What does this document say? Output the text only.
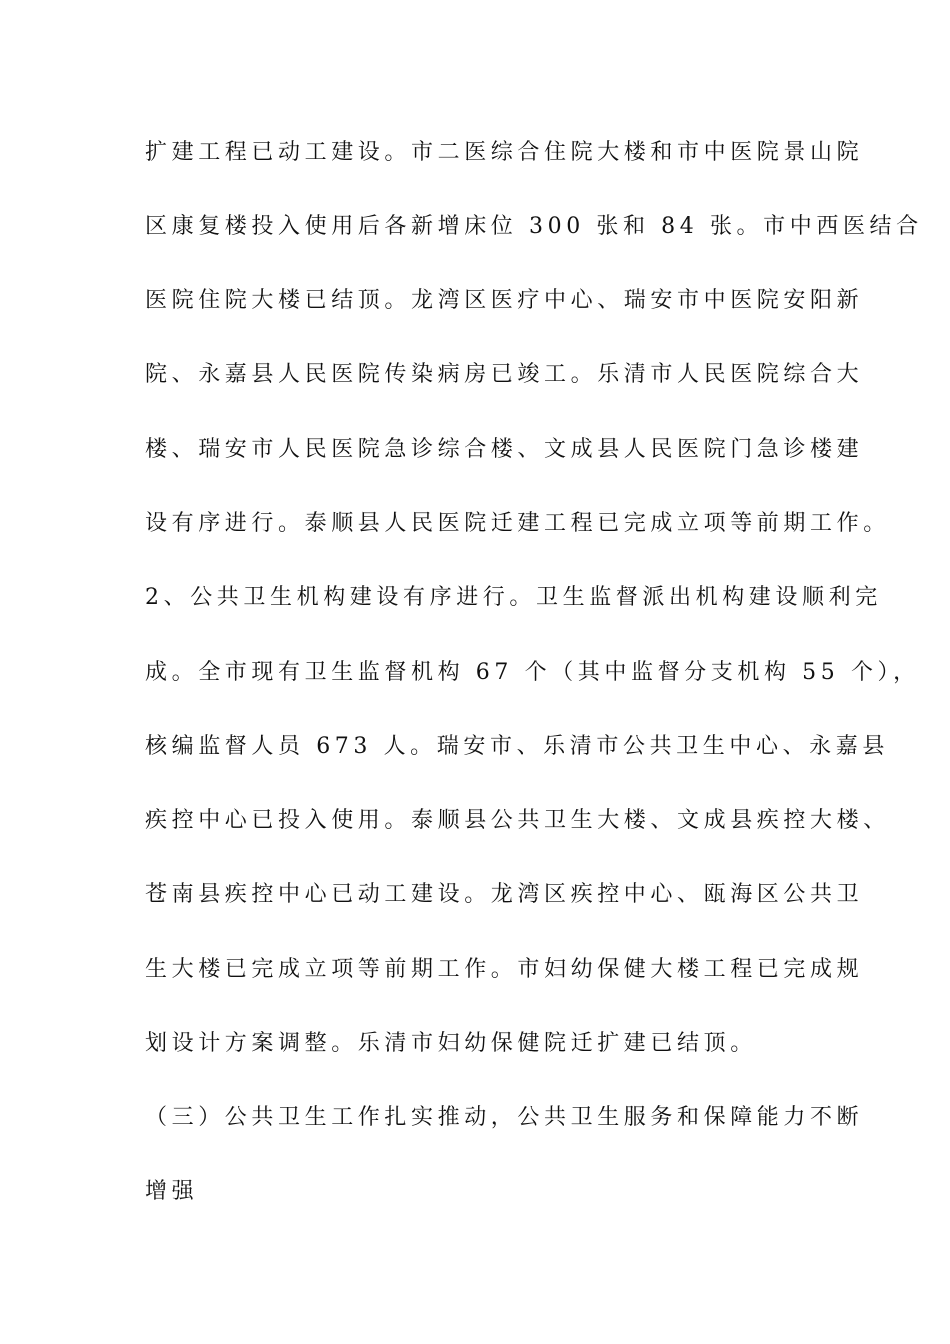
扩建工程已动工建设。市二医综合住院大楼和市中医院景山院
区康复楼投入使用后各新增床位 300 张和 84 张。市中西医结合
医院住院大楼已结顶。龙湾区医疗中心、瑞安市中医院安阳新
院、永嘉县人民医院传染病房已竣工。乐清市人民医院综合大
楼、瑞安市人民医院急诊综合楼、文成县人民医院门急诊楼建
设有序进行。泰顺县人民医院迁建工程已完成立项等前期工作。
2、公共卫生机构建设有序进行。卫生监督派出机构建设顺利完
成。全市现有卫生监督机构 67 个（其中监督分支机构 55 个），
核编监督人员 673 人。瑞安市、乐清市公共卫生中心、永嘉县
疾控中心已投入使用。泰顺县公共卫生大楼、文成县疾控大楼、
苍南县疾控中心已动工建设。龙湾区疾控中心、瓯海区公共卫
生大楼已完成立项等前期工作。市妇幼保健大楼工程已完成规
划设计方案调整。乐清市妇幼保健院迁扩建已结顶。
（三）公共卫生工作扎实推动，公共卫生服务和保障能力不断
增强
